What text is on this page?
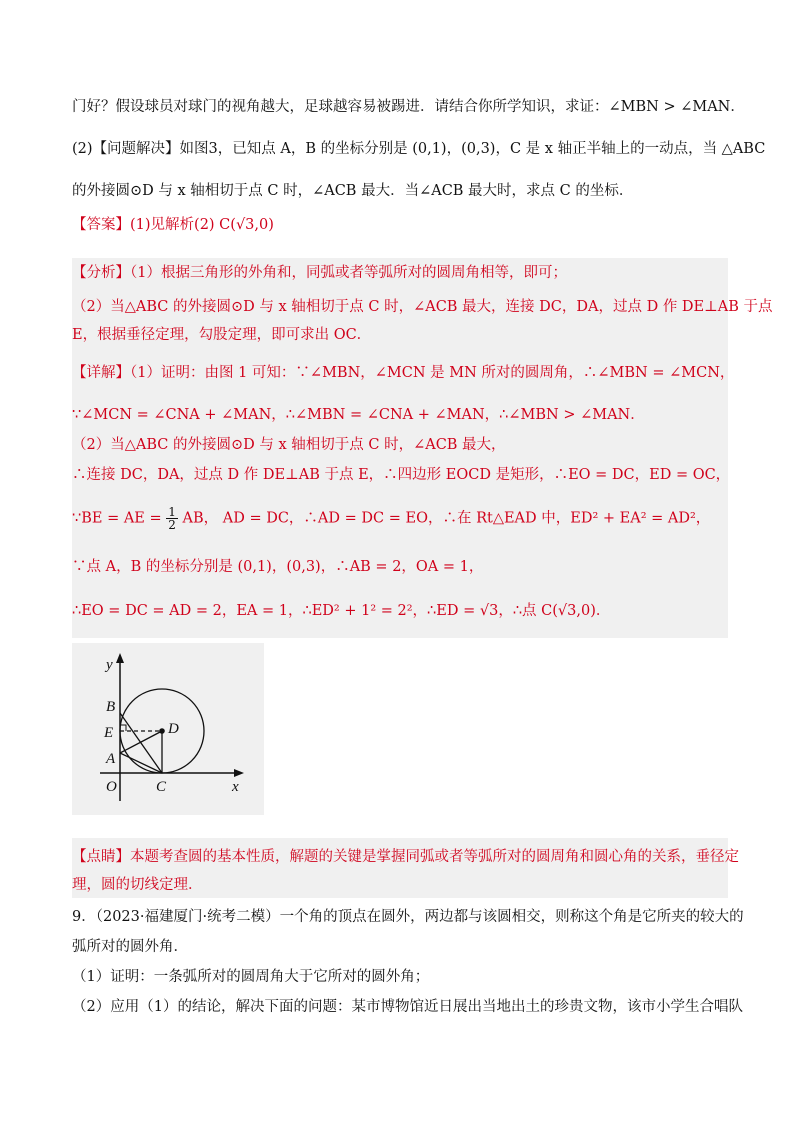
门好？假设球员对球门的视角越大，足球越容易被踢进．请结合你所学知识，求证：∠MBN > ∠MAN．
(2)【问题解决】如图3，已知点 A，B 的坐标分别是 (0,1)，(0,3)，C 是 x 轴正半轴上的一动点，当 △ABC
的外接圆⊙D 与 x 轴相切于点 C 时，∠ACB 最大．当∠ACB 最大时，求点 C 的坐标．
【答案】(1)见解析(2) C(√3,0)
【分析】（1）根据三角形的外角和，同弧或者等弧所对的圆周角相等，即可；
（2）当△ABC 的外接圆⊙D 与 x 轴相切于点 C 时，∠ACB 最大，连接 DC，DA，过点 D 作 DE⊥AB 于点
E，根据垂径定理，勾股定理，即可求出 OC．
【详解】（1）证明：由图 1 可知：∵∠MBN，∠MCN 是 MN 所对的圆周角，∴∠MBN = ∠MCN，
∵∠MCN = ∠CNA + ∠MAN，∴∠MBN = ∠CNA + ∠MAN，∴∠MBN > ∠MAN．
（2）当△ABC 的外接圆⊙D 与 x 轴相切于点 C 时，∠ACB 最大，
∴连接 DC，DA，过点 D 作 DE⊥AB 于点 E，∴四边形 EOCD 是矩形，∴EO = DC，ED = OC，
∵BE = AE = $\frac{1}{2}$ AB， AD = DC，∴AD = DC = EO，∴在 Rt△EAD 中，ED² + EA² = AD²，
∵点 A，B 的坐标分别是 (0,1)，(0,3)，∴AB = 2，OA = 1，
∴EO = DC = AD = 2，EA = 1，∴ED² + 1² = 2²，∴ED = √3，∴点 C(√3,0)．
y
x
O
B
E
A
C
D
【点睛】本题考查圆的基本性质，解题的关键是掌握同弧或者等弧所对的圆周角和圆心角的关系，垂径定
理，圆的切线定理．
9．（2023·福建厦门·统考二模）一个角的顶点在圆外，两边都与该圆相交，则称这个角是它所夹的较大的
弧所对的圆外角．
（1）证明：一条弧所对的圆周角大于它所对的圆外角；
（2）应用（1）的结论，解决下面的问题：某市博物馆近日展出当地出土的珍贵文物，该市小学生合唱队
